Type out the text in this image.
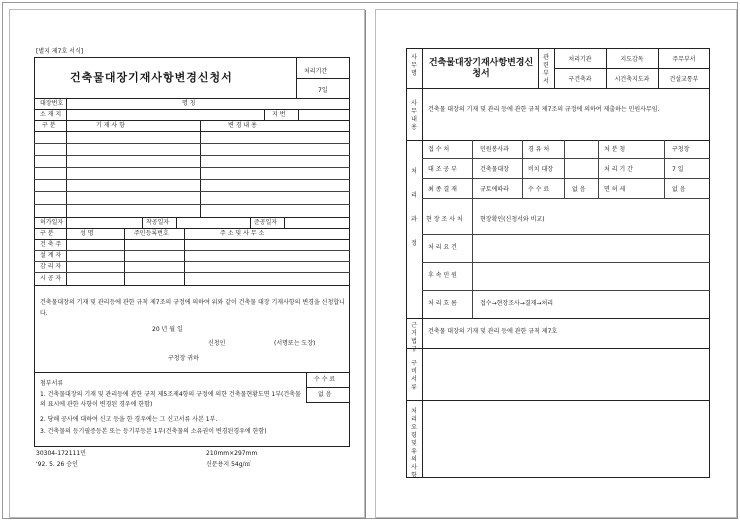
[별지 제7호 서식]
건축물대장기재사항변경신청서	처리기간
7일
대장번호	명 칭
소 재 지	지 번
구 분	기 재 사 항	변 경 내 용
허가일자	착공일자	준공일자
구 분	성 명	주민등록번호	주 소 및 사 무 소
건 축 주
설 계 자
감 리 자
시 공 자
건축물대장의 기재 및 관리등에 관한 규칙 제7조의 규정에 의하여 위와 같이 건축물 대장 기재사항의 변경을 신청합니다.
20 년 월 일
신청인	(서명또는 도장)
구청장 귀하
첨부서류
1. 건축물대장의 기재 및 관리등에 관한 규칙 제5조제4항의 규정에 의한 건축물현황도면 1부(건축물의 표시에 관한 사항이 변경된 경우에 한함)
2. 당해 공사에 대하여 신고 등을 한 경우에는 그 신고서류 사본 1부.
3. 건축물의 등기필증등본 또는 등기부등본 1부(건축물의 소유권이 변경된경우에 한함)
수 수 료
없 음
30304-172111민
'92. 5. 26 승인
210mm×297mm
신문용지 54g/㎡
사 무 명
건축물대장기재사항변경신청서
관 련 부 서
처리기관	지도감독	주무부서
구건축과	시건축지도과	건설교통부
사무내용
건축물 대장의 기재 및 관리 등에 관한 규칙 제7조의 규정에 의하여 제출하는 민원사무임.
처 리 과 정
접 수 처	민원봉사과	경 유 처	처 분 청	구청장
대 조 공 부	건축물대장	비치 대장	처 리 기 간	7 일
최 종 결 재	규토에따라	수 수 료	없 음	면 허 세	없 음
현 장 조 사 처	현장확인(신청서와 비교)
처 리 요 건
후 속 민 원
처 리 흐 름	접수→현장조사→결재→처리
근거법규
건축물 대장의 기재 및 관리 등에 관한 규칙 제7호
구비서류
처리요령및유의사항
